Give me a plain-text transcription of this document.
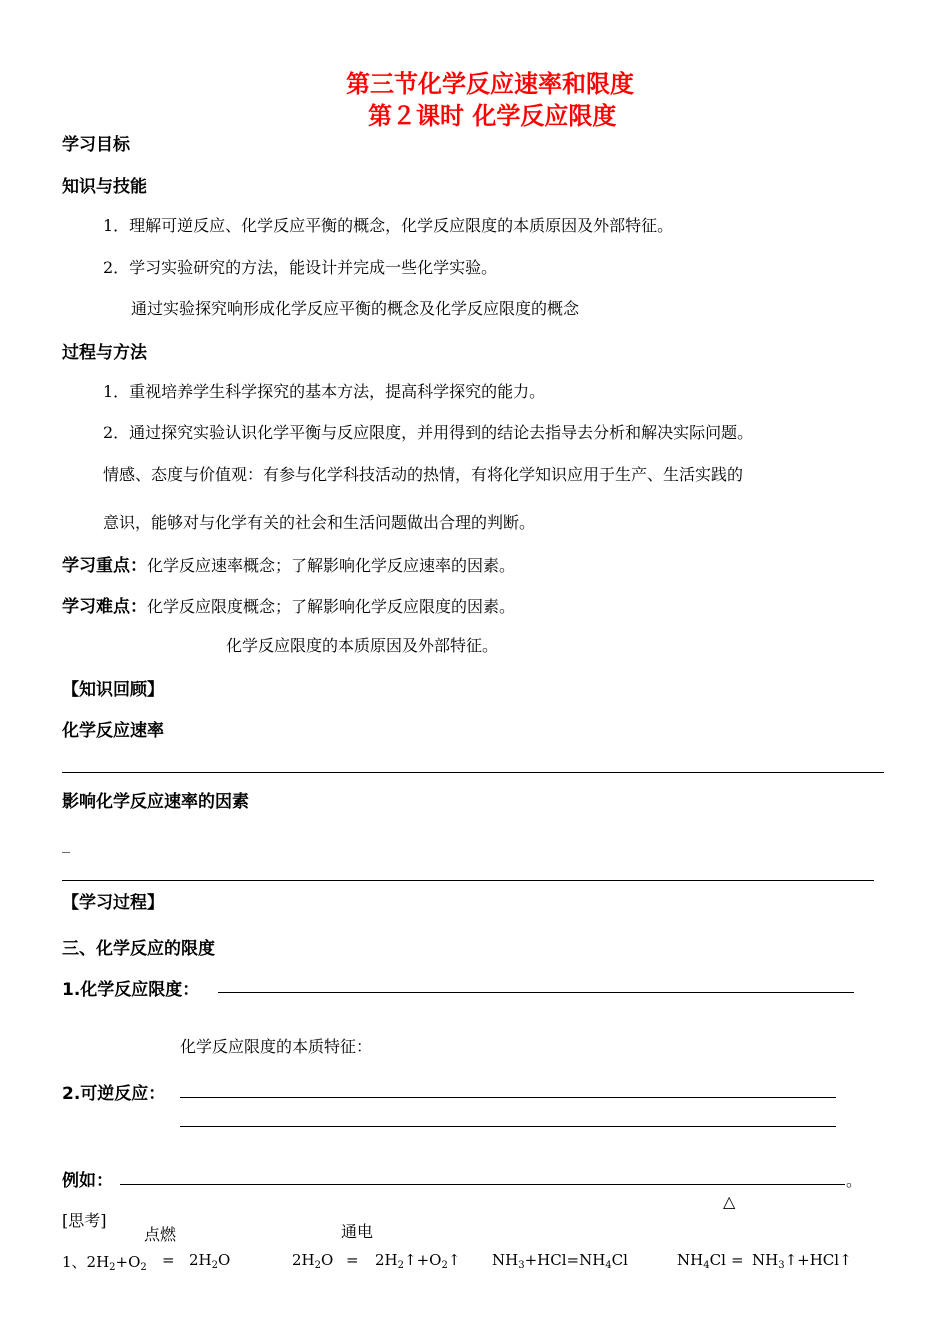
第三节化学反应速率和限度
第２课时 化学反应限度
学习目标
知识与技能
1．理解可逆反应、化学反应平衡的概念，化学反应限度的本质原因及外部特征。
2．学习实验研究的方法，能设计并完成一些化学实验。
通过实验探究响形成化学反应平衡的概念及化学反应限度的概念
过程与方法
1．重视培养学生科学探究的基本方法，提高科学探究的能力。
2．通过探究实验认识化学平衡与反应限度，并用得到的结论去指导去分析和解决实际问题。
情感、态度与价值观：有参与化学科技活动的热情，有将化学知识应用于生产、生活实践的
意识，能够对与化学有关的社会和生活问题做出合理的判断。
学习重点：化学反应速率概念；了解影响化学反应速率的因素。
学习难点：化学反应限度概念；了解影响化学反应限度的因素。
化学反应限度的本质原因及外部特征。
【知识回顾】
化学反应速率
影响化学反应速率的因素
_
【学习过程】
三、化学反应的限度
1.化学反应限度：
化学反应限度的本质特征：
2.可逆反应：
例如：	。
[思考]
点燃	通电
△
1、$2H_2+O_2 = 2H_2O$	$2H_2O$ = $2H_2↑+O_2↑$ $NH_3+HCl=NH_4Cl$	$NH_4Cl$ = $NH_3↑+HCl↑$
